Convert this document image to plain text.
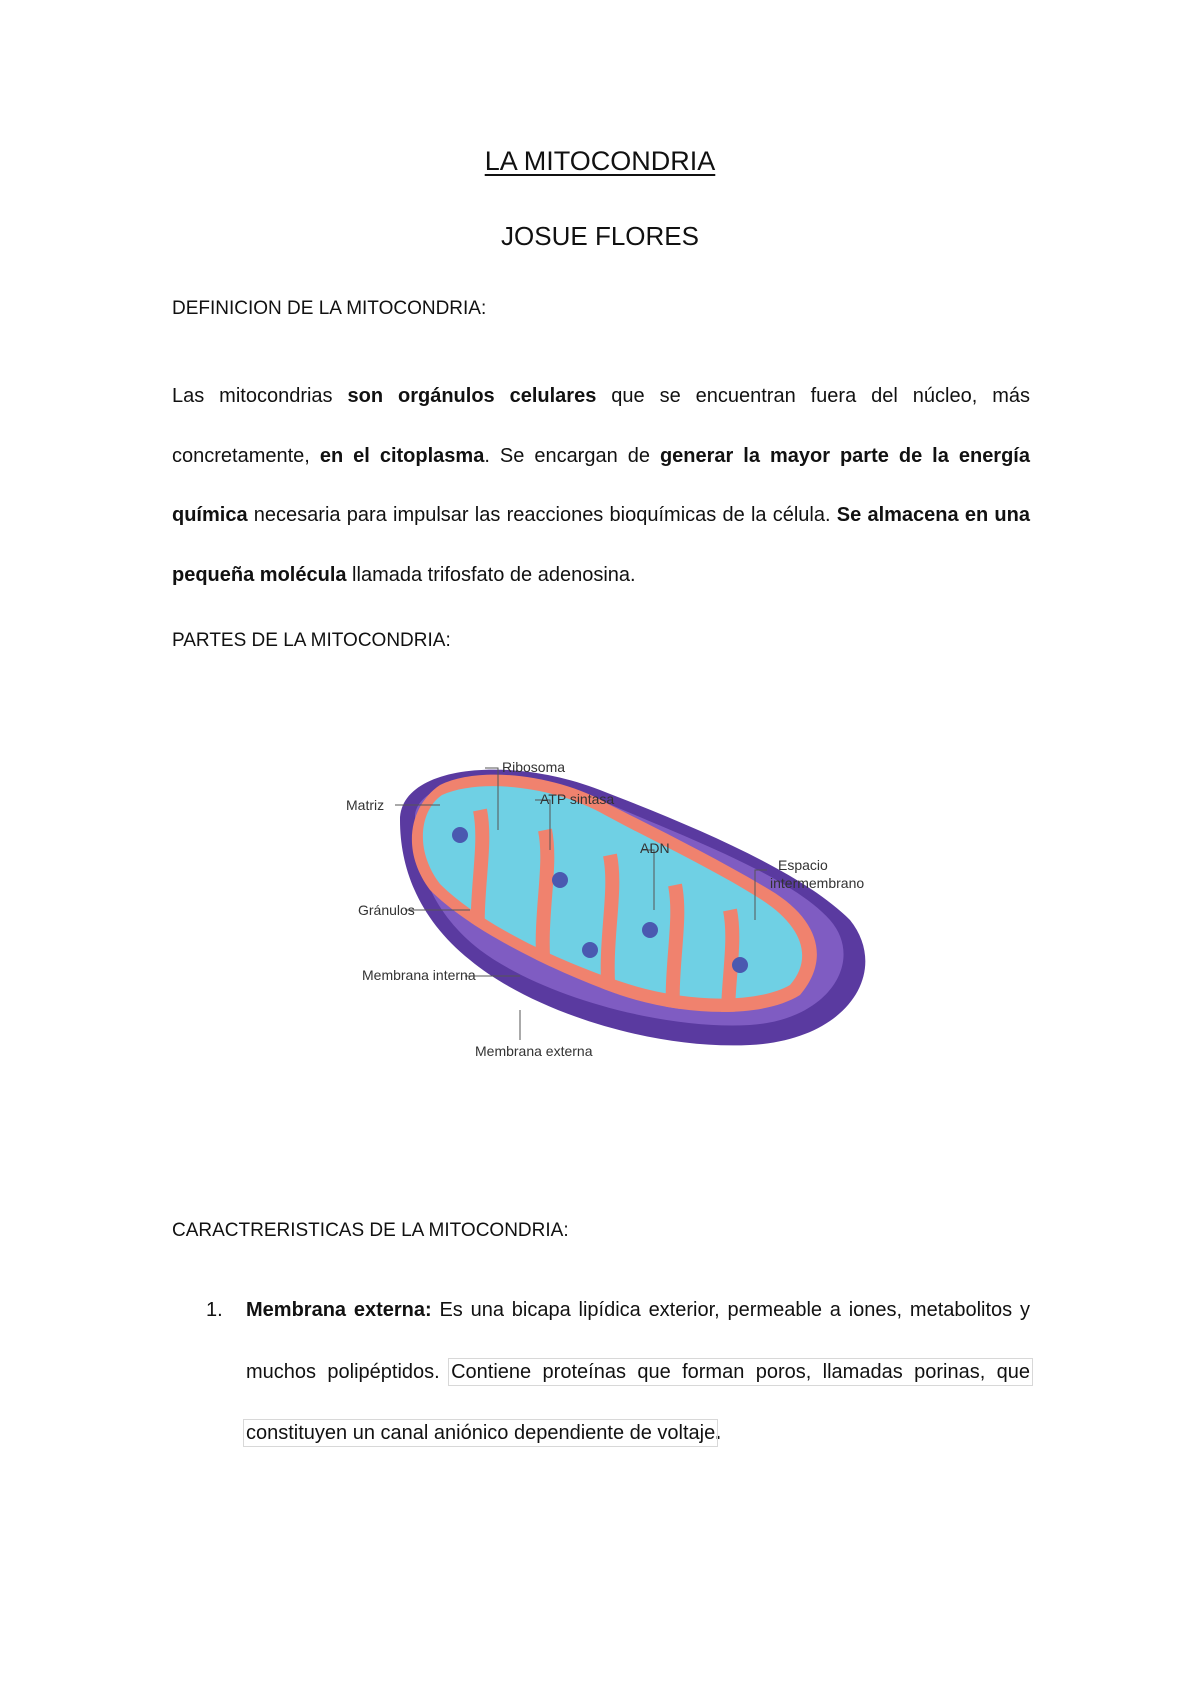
LA MITOCONDRIA
JOSUE FLORES
DEFINICION DE LA MITOCONDRIA:
Las mitocondrias son orgánulos celulares que se encuentran fuera del núcleo, más concretamente, en el citoplasma. Se encargan de generar la mayor parte de la energía química necesaria para impulsar las reacciones bioquímicas de la célula. Se almacena en una pequeña molécula llamada trifosfato de adenosina.
PARTES DE LA MITOCONDRIA:
Ribosoma
ATP sintasa
Matriz
ADN
Espacio
intermembrano
Gránulos
Membrana interna
Membrana externa
CARACTRERISTICAS DE LA MITOCONDRIA:
1. Membrana externa: Es una bicapa lipídica exterior, permeable a iones, metabolitos y muchos polipéptidos. Contiene proteínas que forman poros, llamadas porinas, que constituyen un canal aniónico dependiente de voltaje.
